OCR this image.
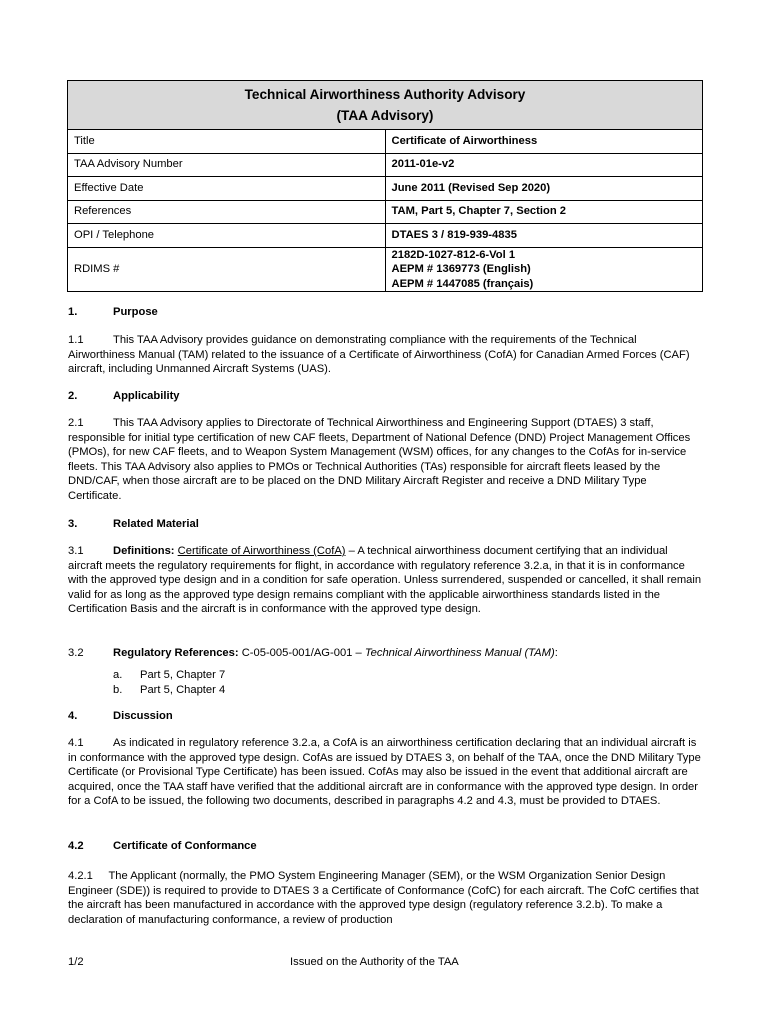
Technical Airworthiness Authority Advisory
(TAA Advisory)	

Title	Certificate of Airworthiness
TAA Advisory Number	2011-01e-v2
Effective Date	June 2011 (Revised Sep 2020)
References	TAM, Part 5, Chapter 7, Section 2
OPI / Telephone	DTAES 3 / 819-939-4835
RDIMS #	2182D-1027-812-6-Vol 1
AEPM # 1369773 (English)
AEPM # 1447085 (français)
1.	Purpose
1.1	This TAA Advisory provides guidance on demonstrating compliance with the requirements of the Technical Airworthiness Manual (TAM) related to the issuance of a Certificate of Airworthiness (CofA) for Canadian Armed Forces (CAF) aircraft, including Unmanned Aircraft Systems (UAS).
2.	Applicability
2.1	This TAA Advisory applies to Directorate of Technical Airworthiness and Engineering Support (DTAES) 3 staff, responsible for initial type certification of new CAF fleets, Department of National Defence (DND) Project Management Offices (PMOs), for new CAF fleets, and to Weapon System Management (WSM) offices, for any changes to the CofAs for in-service fleets. This TAA Advisory also applies to PMOs or Technical Authorities (TAs) responsible for aircraft fleets leased by the DND/CAF, when those aircraft are to be placed on the DND Military Aircraft Register and receive a DND Military Type Certificate.
3.	Related Material
3.1	Definitions: Certificate of Airworthiness (CofA) – A technical airworthiness document certifying that an individual aircraft meets the regulatory requirements for flight, in accordance with regulatory reference 3.2.a, in that it is in conformance with the approved type design and in a condition for safe operation. Unless surrendered, suspended or cancelled, it shall remain valid for as long as the approved type design remains compliant with the applicable airworthiness standards listed in the Certification Basis and the aircraft is in conformance with the approved type design.
3.2	Regulatory References: C-05-005-001/AG-001 – Technical Airworthiness Manual (TAM):
a. Part 5, Chapter 7
b. Part 5, Chapter 4
4.	Discussion
4.1	As indicated in regulatory reference 3.2.a, a CofA is an airworthiness certification declaring that an individual aircraft is in conformance with the approved type design. CofAs are issued by DTAES 3, on behalf of the TAA, once the DND Military Type Certificate (or Provisional Type Certificate) has been issued. CofAs may also be issued in the event that additional aircraft are acquired, once the TAA staff have verified that the additional aircraft are in conformance with the approved type design. In order for a CofA to be issued, the following two documents, described in paragraphs 4.2 and 4.3, must be provided to DTAES.
4.2	Certificate of Conformance
4.2.1 The Applicant (normally, the PMO System Engineering Manager (SEM), or the WSM Organization Senior Design Engineer (SDE)) is required to provide to DTAES 3 a Certificate of Conformance (CofC) for each aircraft. The CofC certifies that the aircraft has been manufactured in accordance with the approved type design (regulatory reference 3.2.b). To make a declaration of manufacturing conformance, a review of production
1/2	Issued on the Authority of the TAA
